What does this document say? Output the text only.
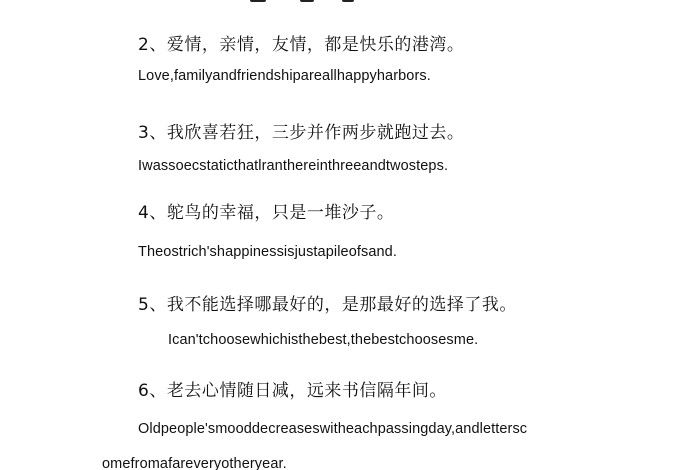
2、爱情，亲情，友情，都是快乐的港湾。
Love,familyandfriendshipareallhappyharbors.
3、我欣喜若狂，三步并作两步就跑过去。
Iwassoecstaticthatlrantherеinthreeandtwosteps.
4、鸵鸟的幸福，只是一堆沙子。
Theostrich'shappinessisjustapileofsand.
5、我不能选择哪最好的，是那最好的选择了我。
Ican'tchoosewhichisthebest,thebestchoosesme.
6、老去心情随日减，远来书信隔年间。
Oldpeople'smooddecreaseswitheachpassingday,andlettersc
omefromafareveryotheryear.
